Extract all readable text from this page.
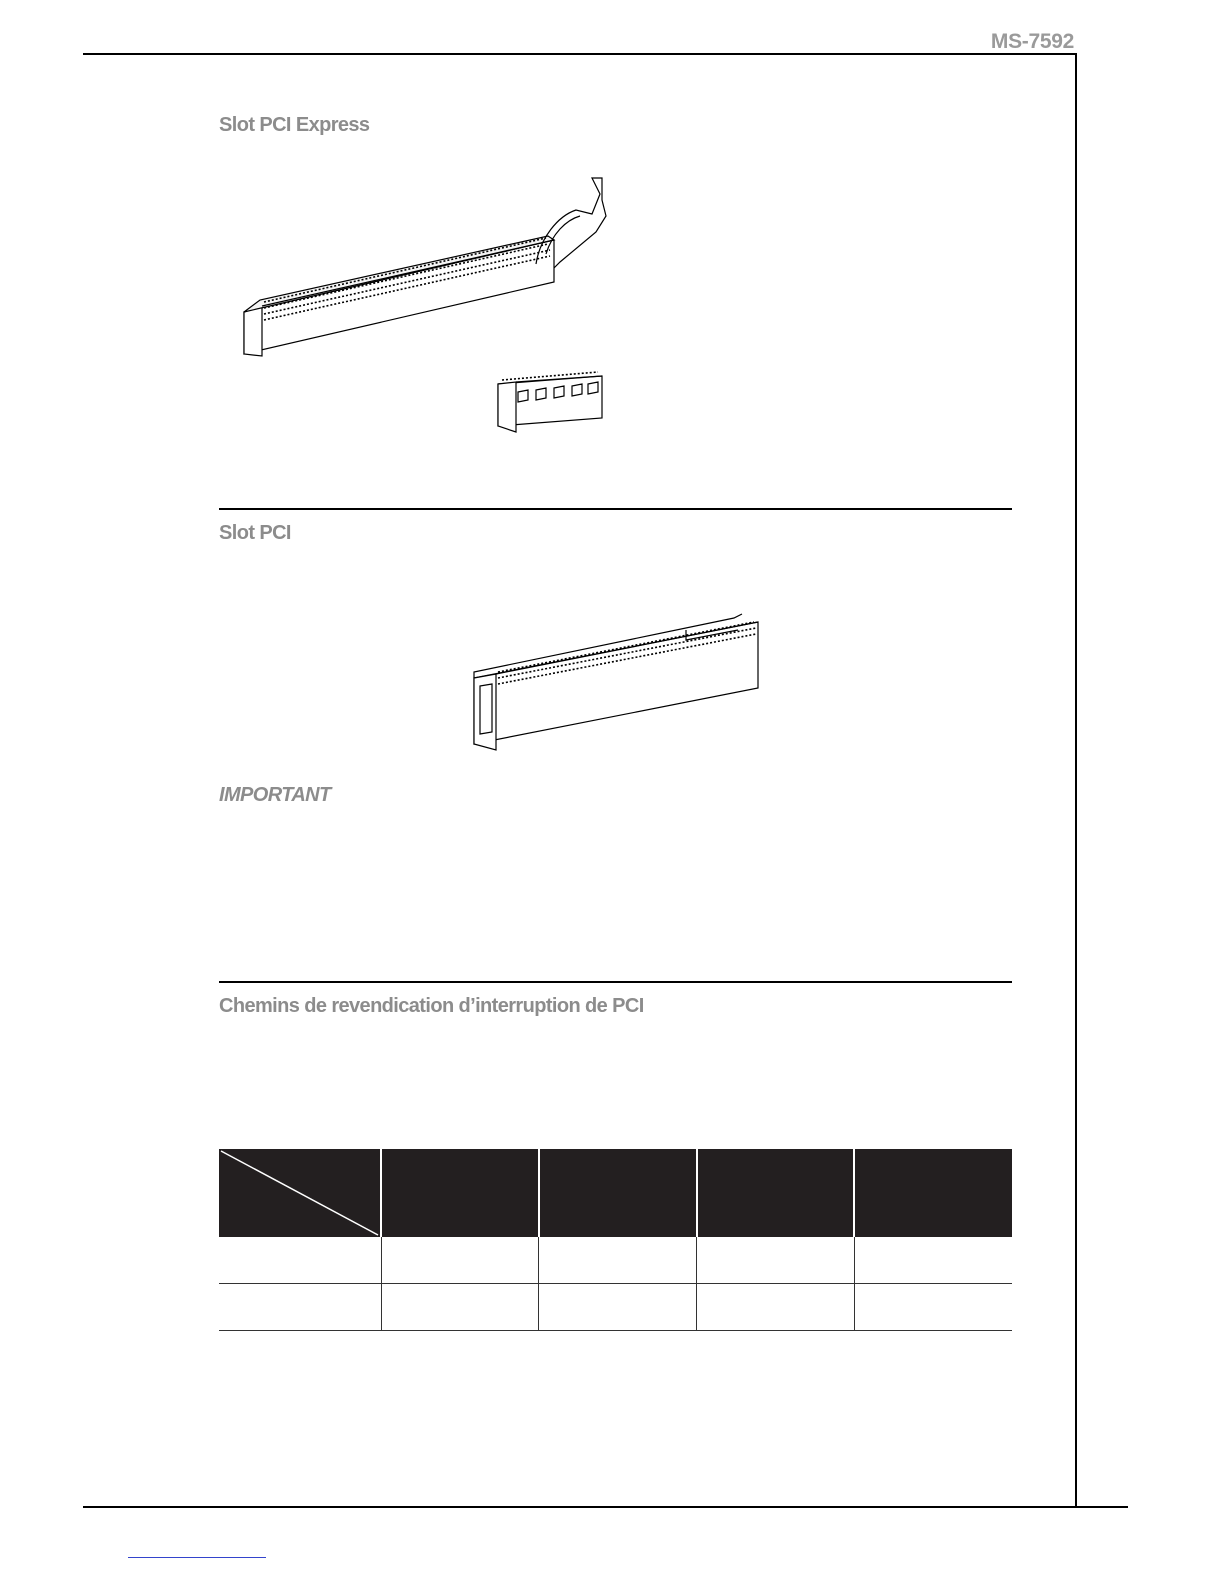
MS-7592
Slot PCI Express
Slot PCI
IMPORTANT
Chemins de revendication d’interruption de PCI
